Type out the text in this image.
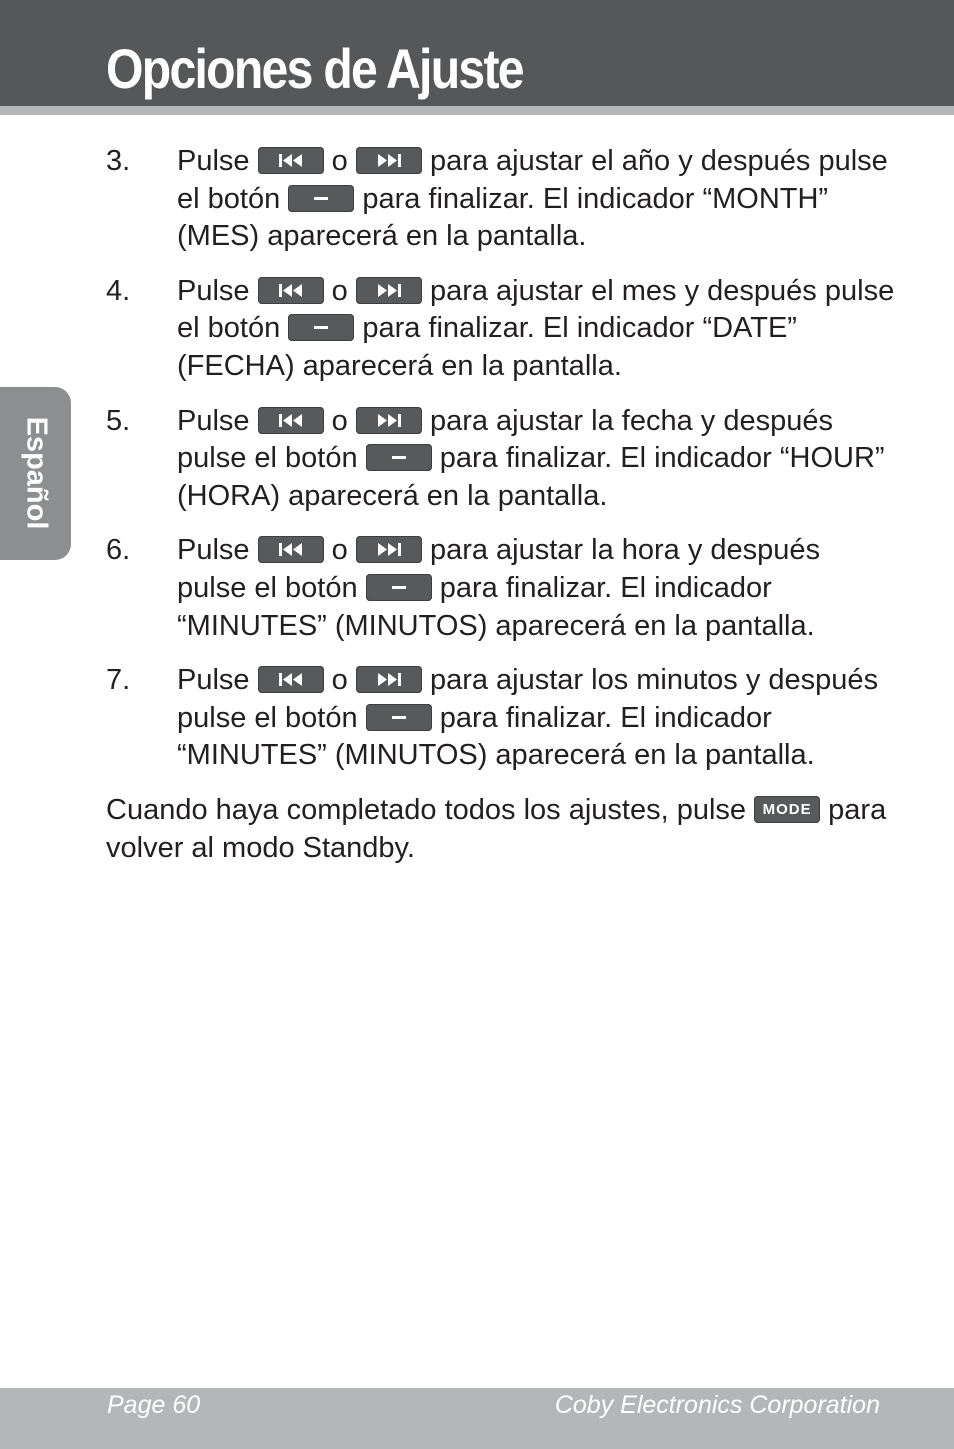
Opciones de Ajuste
Español
3. Pulse	o	para ajustar el año y después pulse el botón	para finalizar. El indicador “MONTH” (MES) aparecerá en la pantalla.
4. Pulse	o	para ajustar el mes y después pulse el botón	para finalizar. El indicador “DATE” (FECHA) aparecerá en la pantalla.
5. Pulse	o	para ajustar la fecha y después pulse el botón	para finalizar. El indicador “HOUR” (HORA) aparecerá en la pantalla.
6. Pulse	o	para ajustar la hora y después pulse el botón	para finalizar. El indicador “MINUTES” (MINUTOS) aparecerá en la pantalla.
7. Pulse	o	para ajustar los minutos y después pulse el botón	para finalizar. El indicador “MINUTES” (MINUTOS) aparecerá en la pantalla.
Cuando haya completado todos los ajustes, pulse	MODE para volver al modo Standby.
Page 60	Coby Electronics Corporation
